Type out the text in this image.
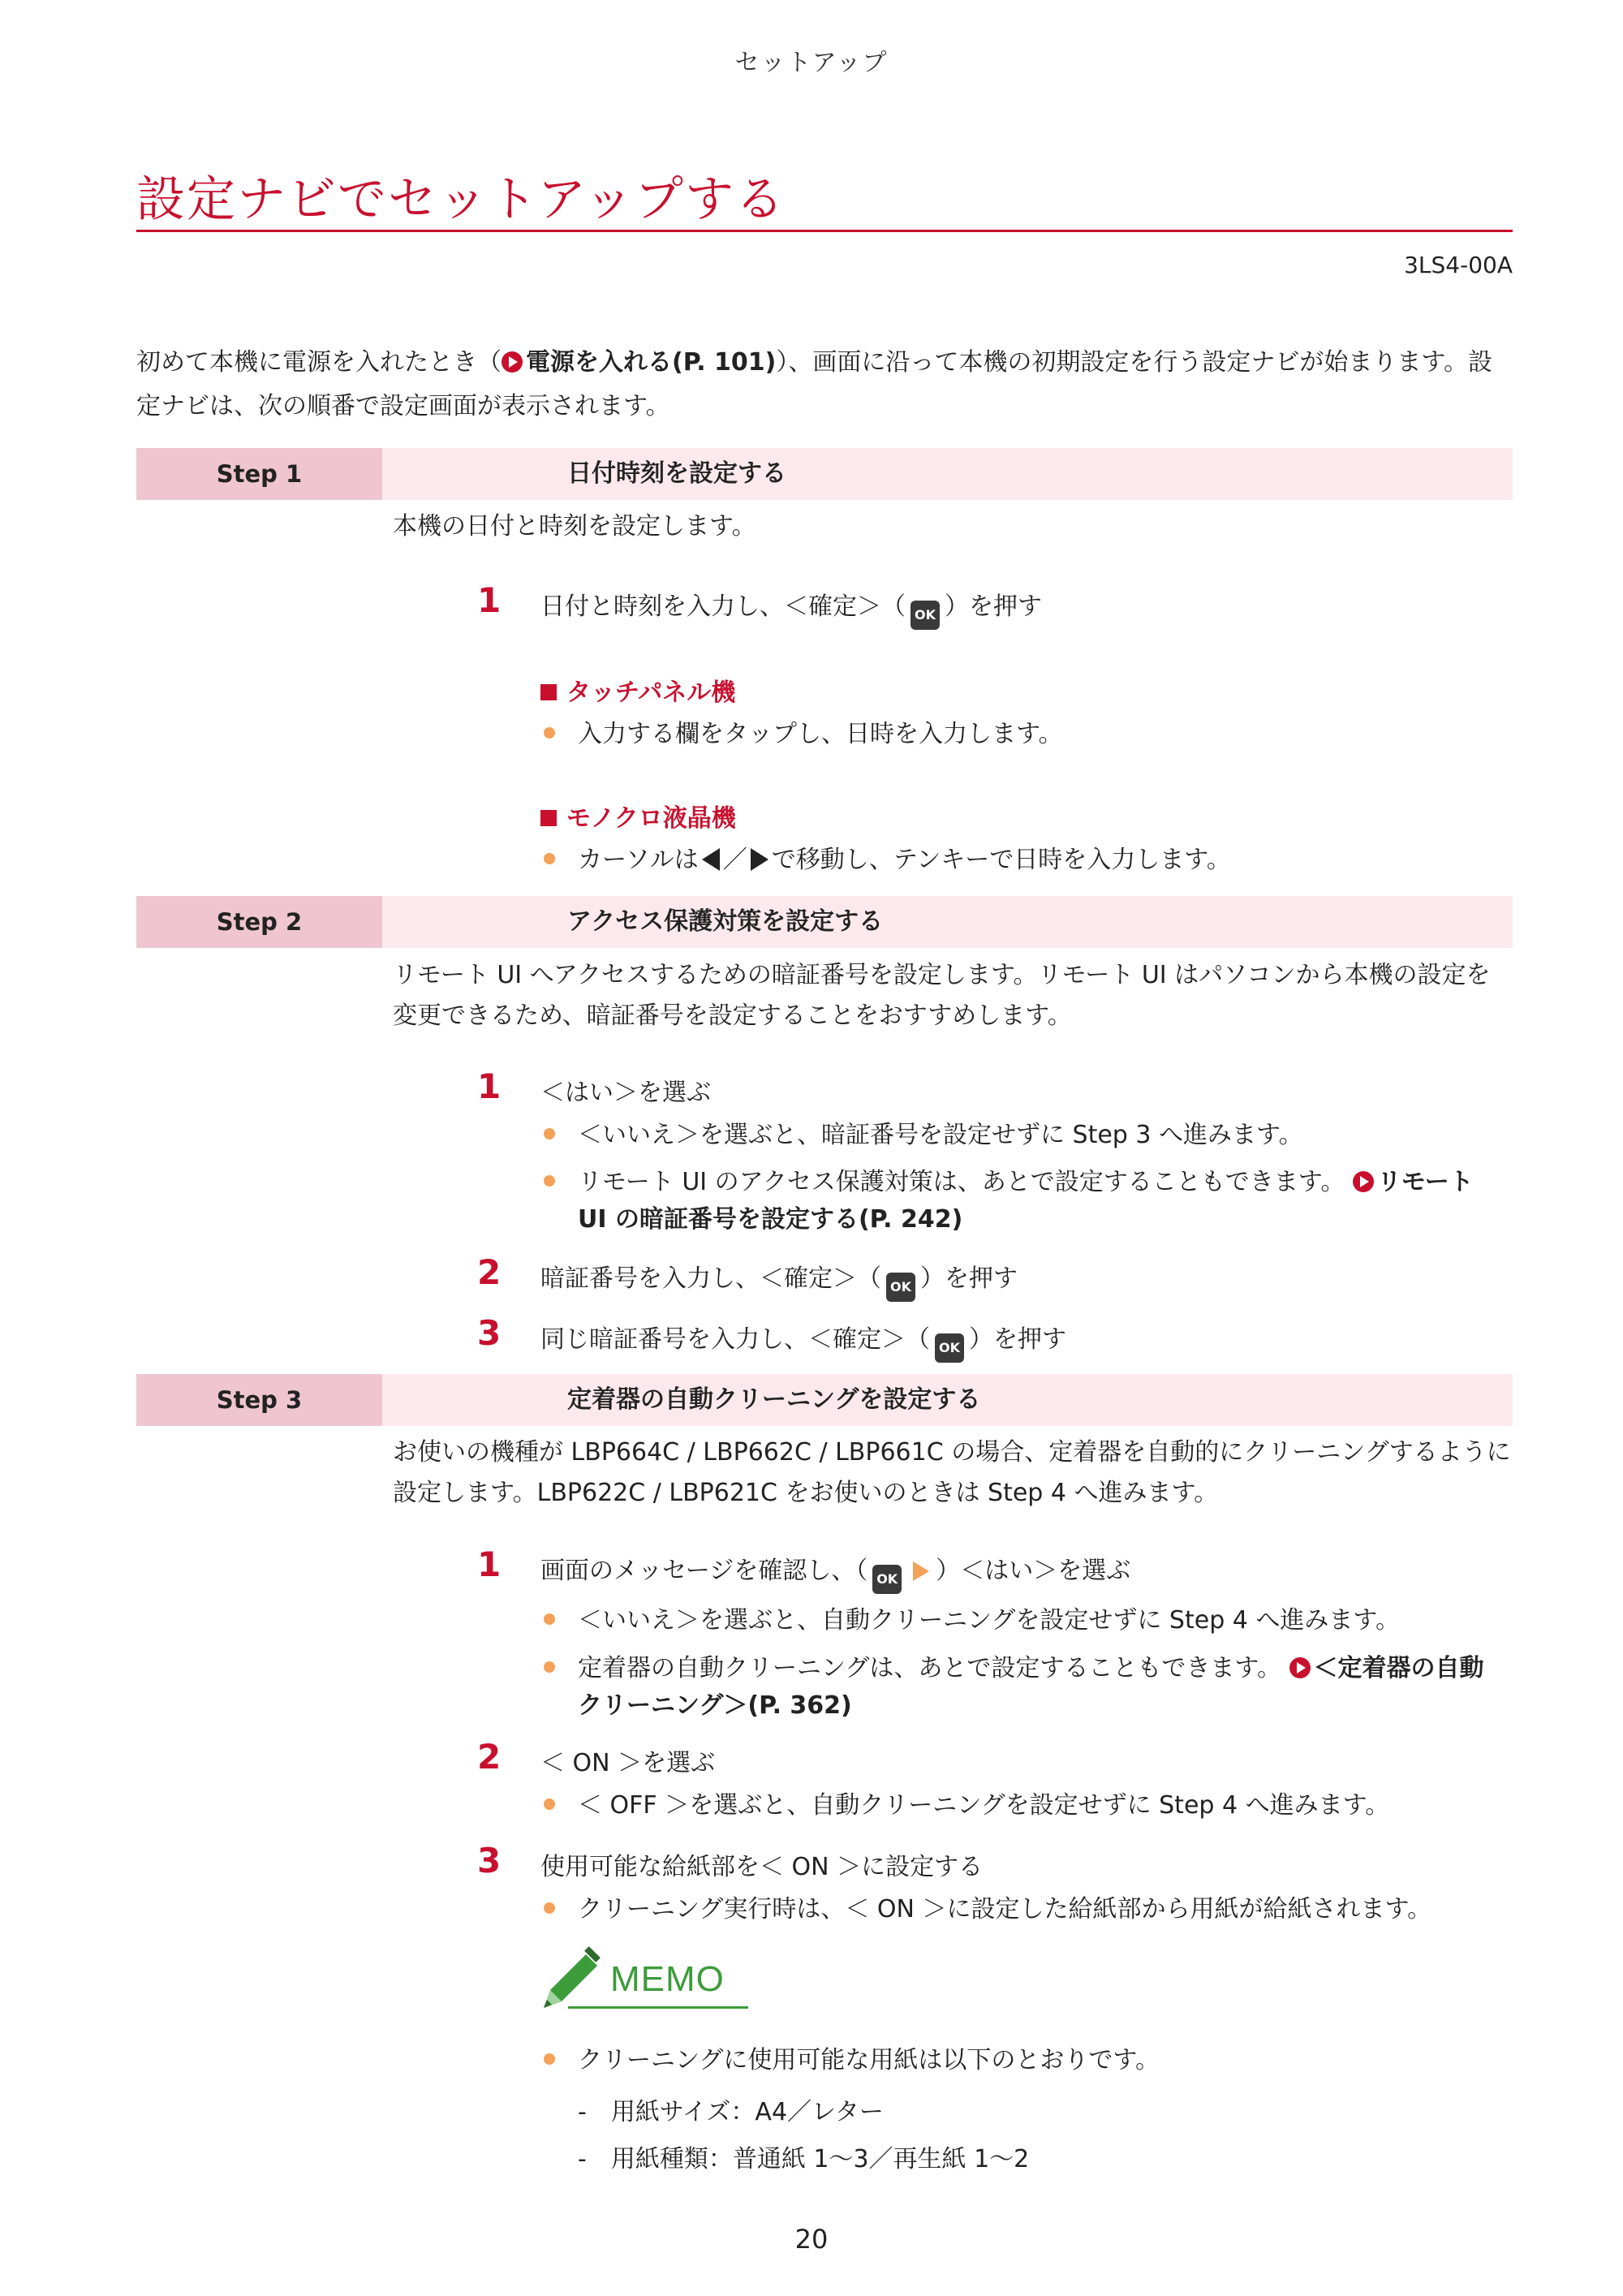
セットアップ
設定ナビでセットアップする
3LS4-00A
初めて本機に電源を入れたとき（ 電源を入れる(P. 101)）、画面に沿って本機の初期設定を行う設定ナビが始まります。設
定ナビは、次の順番で設定画面が表示されます。
Step 1	日付時刻を設定する
本機の日付と時刻を設定します。
1 日付と時刻を入力し、＜確定＞（ OK ）を押す
タッチパネル機
入力する欄をタップし、日時を入力します。
モノクロ液晶機
カーソルは ／ で移動し、テンキーで日時を入力します。
Step 2	アクセス保護対策を設定する
リモート UI へアクセスするための暗証番号を設定します。リモート UI はパソコンから本機の設定を
変更できるため、暗証番号を設定することをおすすめします。
1 ＜はい＞を選ぶ
＜いいえ＞を選ぶと、暗証番号を設定せずに Step 3 へ進みます。
リモート UI のアクセス保護対策は、あとで設定することもできます。 リモート
UI の暗証番号を設定する(P. 242)
2 暗証番号を入力し、＜確定＞（ OK ）を押す
3 同じ暗証番号を入力し、＜確定＞（ OK ）を押す
Step 3	定着器の自動クリーニングを設定する
お使いの機種が LBP664C / LBP662C / LBP661C の場合、定着器を自動的にクリーニングするように
設定します。LBP622C / LBP621C をお使いのときは Step 4 へ進みます。
1 画面のメッセージを確認し、（ OK ）＜はい＞を選ぶ
＜いいえ＞を選ぶと、自動クリーニングを設定せずに Step 4 へ進みます。
定着器の自動クリーニングは、あとで設定することもできます。 ＜定着器の自動
クリーニング＞(P. 362)
2 ＜ ON ＞を選ぶ
＜ OFF ＞を選ぶと、自動クリーニングを設定せずに Step 4 へ進みます。
3 使用可能な給紙部を＜ ON ＞に設定する
クリーニング実行時は、＜ ON ＞に設定した給紙部から用紙が給紙されます。
MEMO
クリーニングに使用可能な用紙は以下のとおりです。
-　用紙サイズ：A4／レター
-　用紙種類：普通紙 1〜3／再生紙 1〜2
20
